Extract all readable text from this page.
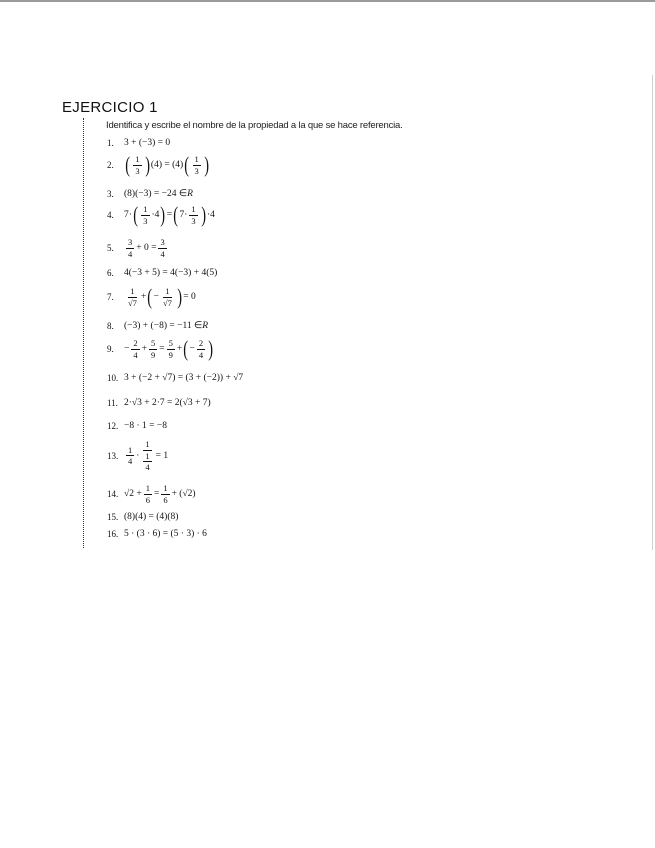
EJERCICIO 1
Identifica y escribe el nombre de la propiedad a la que se hace referencia.
1.	3 + (−3) = 0
2. ( $\frac{1}{3}$ ) (4) = (4) ( $\frac{1}{3}$ )
3.	(8)(−3) = −24 ∈ R
4.	7· ( $\frac{1}{3} \cdot 4$ ) = ( $7\cdot \frac{1}{3}$ ) ·4
5.	$\frac{3}{4} + 0 = \frac{3}{4}$
6.	4(−3 + 5) = 4(−3) + 4(5)
7.	$\frac{1}{√7}$ + ( − $\frac{1}{√7}$ ) = 0
8.	(−3) + (−8) = −11 ∈ R
9.	− $\frac{2}{4} + \frac{5}{9} = \frac{5}{9}$ + ( − $\frac{2}{4}$ )
10. 3 + (−2 + √7) = (3 + (−2)) + √7
11. 2·√3 + 2·7 = 2(√3 + 7)
12. −8 · 1 = −8
13. $\frac{1}{4} \cdot \frac{1}{\frac{1}{4}} = 1$
14. $√2 + \frac{1}{6} = \frac{1}{6} + (√2)$
15. (8)(4) = (4)(8)
16. 5 · (3 · 6) = (5 · 3) · 6
